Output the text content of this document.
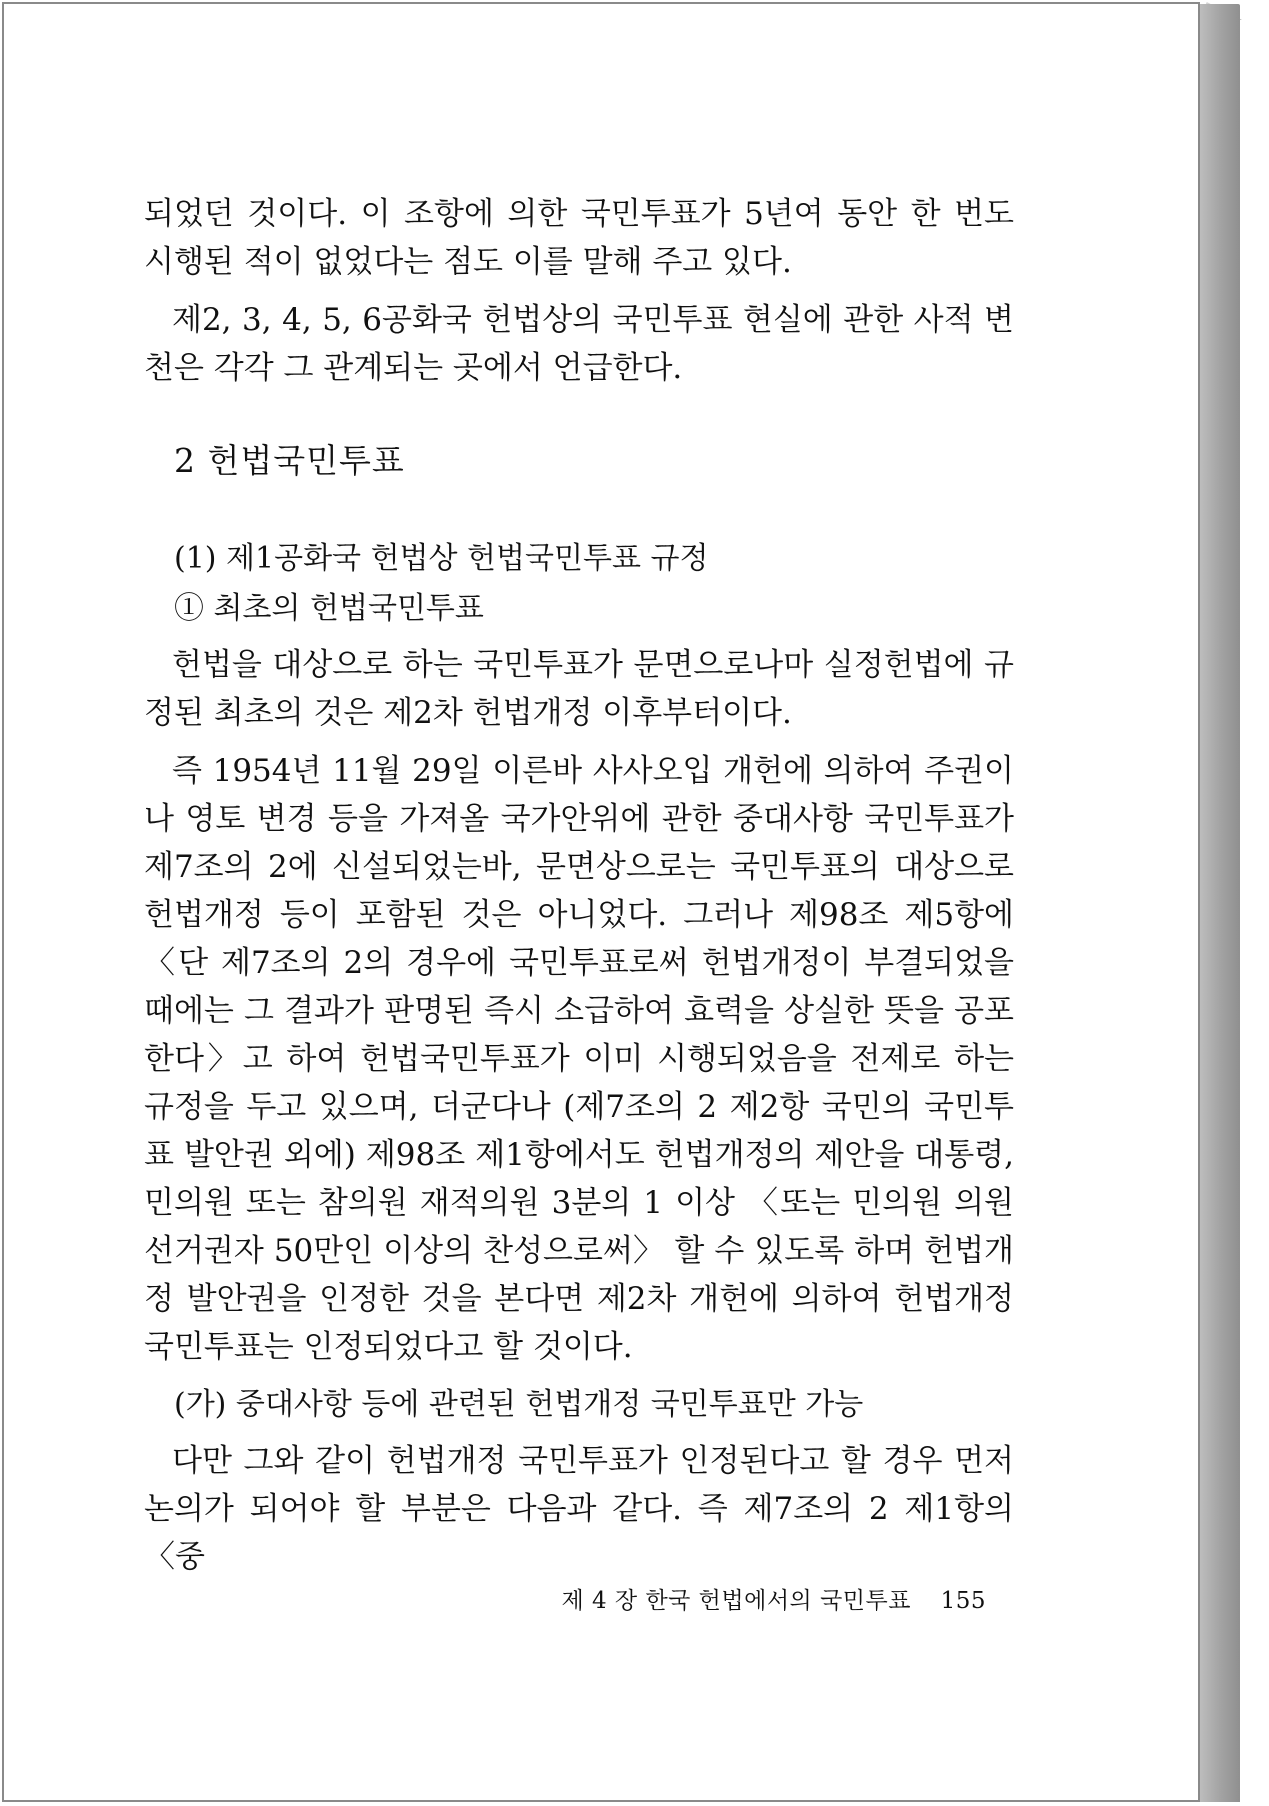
되었던 것이다. 이 조항에 의한 국민투표가 5년여 동안 한 번도 시행된 적이 없었다는 점도 이를 말해 주고 있다.

제2, 3, 4, 5, 6공화국 헌법상의 국민투표 현실에 관한 사적 변천은 각각 그 관계되는 곳에서 언급한다.

2 헌법국민투표
(1) 제1공화국 헌법상 헌법국민투표 규정
① 최초의 헌법국민투표

헌법을 대상으로 하는 국민투표가 문면으로나마 실정헌법에 규정된 최초의 것은 제2차 헌법개정 이후부터이다.

즉 1954년 11월 29일 이른바 사사오입 개헌에 의하여 주권이나 영토 변경 등을 가져올 국가안위에 관한 중대사항 국민투표가 제7조의 2에 신설되었는바, 문면상으로는 국민투표의 대상으로 헌법개정 등이 포함된 것은 아니었다. 그러나 제98조 제5항에 〈단 제7조의 2의 경우에 국민투표로써 헌법개정이 부결되었을 때에는 그 결과가 판명된 즉시 소급하여 효력을 상실한 뜻을 공포한다〉고 하여 헌법국민투표가 이미 시행되었음을 전제로 하는 규정을 두고 있으며, 더군다나 (제7조의 2 제2항 국민의 국민투표 발안권 외에) 제98조 제1항에서도 헌법개정의 제안을 대통령, 민의원 또는 참의원 재적의원 3분의 1 이상 〈또는 민의원 의원 선거권자 50만인 이상의 찬성으로써〉 할 수 있도록 하며 헌법개정 발안권을 인정한 것을 본다면 제2차 개헌에 의하여 헌법개정 국민투표는 인정되었다고 할 것이다.

(가) 중대사항 등에 관련된 헌법개정 국민투표만 가능

다만 그와 같이 헌법개정 국민투표가 인정된다고 할 경우 먼저 논의가 되어야 할 부분은 다음과 같다. 즉 제7조의 2 제1항의 〈중

제 4 장 한국 헌법에서의 국민투표 155
